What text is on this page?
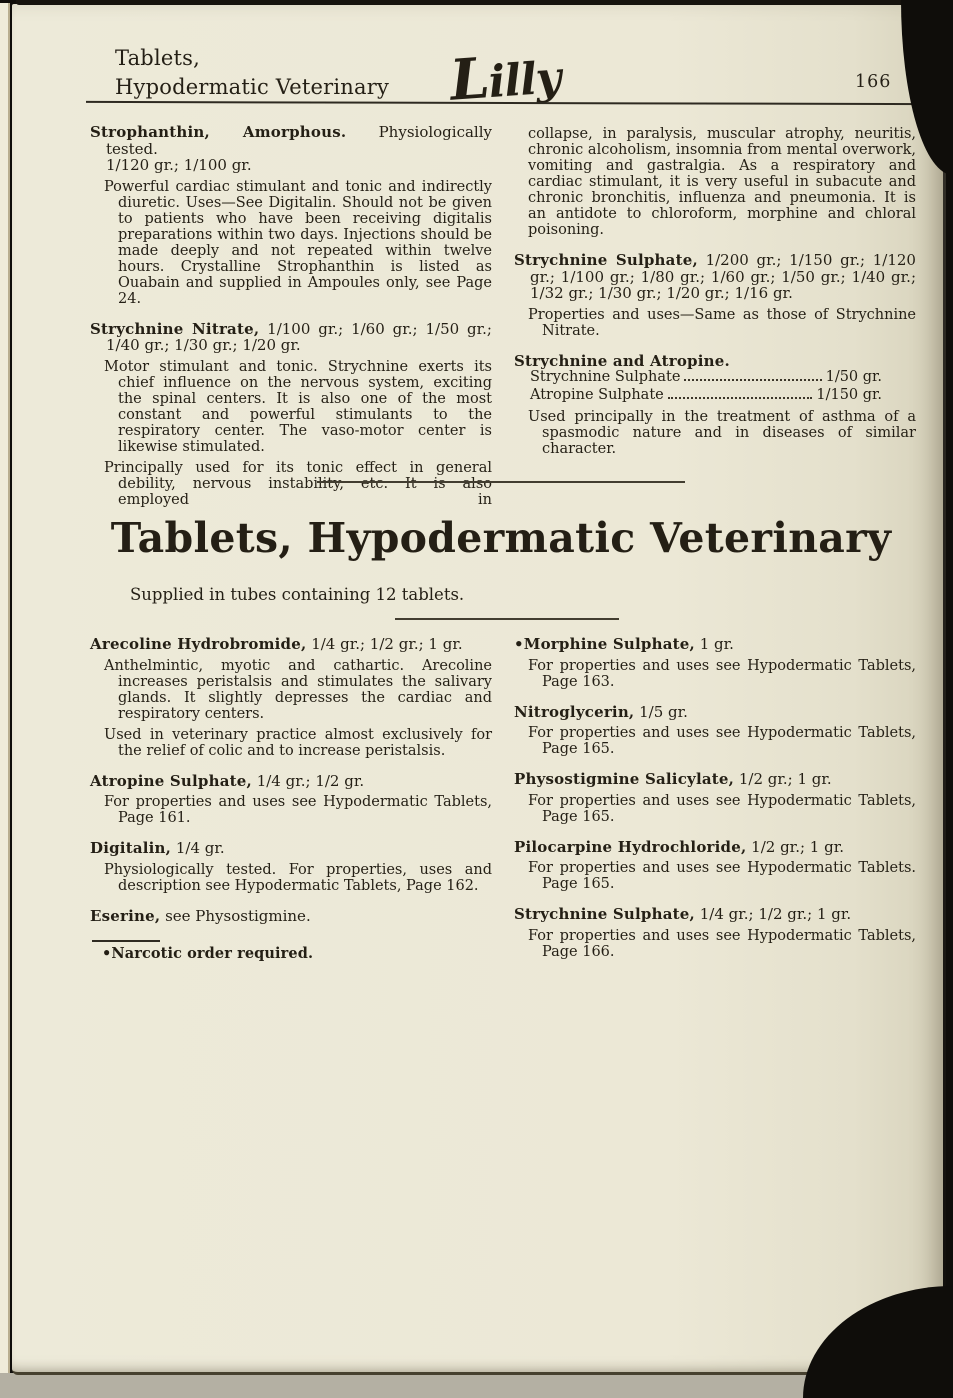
Tablets,
Hypodermatic Veterinary Lilly	166
Strophanthin, Amorphous. Physiologically tested.
1/120 gr.; 1/100 gr.

Powerful cardiac stimulant and tonic and indirectly diuretic. Uses—See Digitalin. Should not be given to patients who have been receiving digitalis preparations within two days. Injections should be made deeply and not repeated within twelve hours. Crystalline Strophanthin is listed as Ouabain and supplied in Ampoules only, see Page 24.

Strychnine Nitrate, 1/100 gr.; 1/60 gr.; 1/50 gr.; 1/40 gr.; 1/30 gr.; 1/20 gr.

Motor stimulant and tonic. Strychnine exerts its chief influence on the nervous system, exciting the spinal centers. It is also one of the most constant and powerful stimulants to the respiratory center. The vaso-motor center is likewise stimulated.

Principally used for its tonic effect in general debility, nervous instability, etc. It is also employed in

collapse, in paralysis, muscular atrophy, neuritis, chronic alcoholism, insomnia from mental overwork, vomiting and gastralgia. As a respiratory and cardiac stimulant, it is very useful in subacute and chronic bronchitis, influenza and pneumonia. It is an antidote to chloroform, morphine and chloral poisoning.
Strychnine Sulphate, 1/200 gr.; 1/150 gr.; 1/120 gr.; 1/100 gr.; 1/80 gr.; 1/60 gr.; 1/50 gr.; 1/40 gr.; 1/32 gr.; 1/30 gr.; 1/20 gr.; 1/16 gr.

Properties and uses—Same as those of Strychnine Nitrate.

Strychnine and Atropine.
Strychnine Sulphate	1/50 gr.
Atropine Sulphate	1/150 gr.

Used principally in the treatment of asthma of a spasmodic nature and in diseases of similar character.

Tablets, Hypodermatic Veterinary
Supplied in tubes containing 12 tablets.
Arecoline Hydrobromide, 1/4 gr.; 1/2 gr.; 1 gr.

Anthelmintic, myotic and cathartic. Arecoline increases peristalsis and stimulates the salivary glands. It slightly depresses the cardiac and respiratory centers.

Used in veterinary practice almost exclusively for the relief of colic and to increase peristalsis.

Atropine Sulphate, 1/4 gr.; 1/2 gr.

For properties and uses see Hypodermatic Tablets, Page 161.

Digitalin, 1/4 gr.

Physiologically tested. For properties, uses and description see Hypodermatic Tablets, Page 162.

Eserine, see Physostigmine.
•Narcotic order required.
•Morphine Sulphate, 1 gr.

For properties and uses see Hypodermatic Tablets, Page 163.

Nitroglycerin, 1/5 gr.

For properties and uses see Hypodermatic Tablets, Page 165.

Physostigmine Salicylate, 1/2 gr.; 1 gr.

For properties and uses see Hypodermatic Tablets, Page 165.

Pilocarpine Hydrochloride, 1/2 gr.; 1 gr.

For properties and uses see Hypodermatic Tablets. Page 165.

Strychnine Sulphate, 1/4 gr.; 1/2 gr.; 1 gr.

For properties and uses see Hypodermatic Tablets, Page 166.
